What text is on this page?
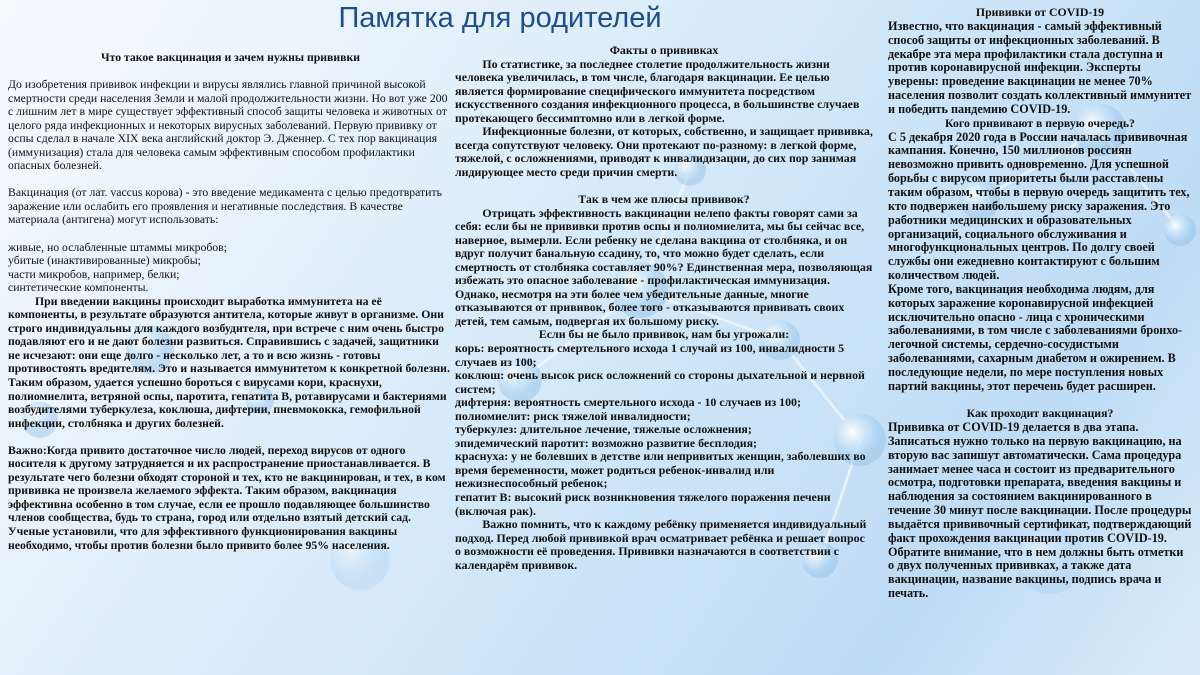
Памятка для родителей

Что такое вакцинация и зачем нужны прививки

До изобретения прививок инфекции и вирусы являлись главной причиной высокой смертности среди населения Земли и малой продолжительности жизни. Но вот уже 200 с лишним лет в мире существует эффективный способ защиты человека и животных от целого ряда инфекционных и некоторых вирусных заболеваний. Первую прививку от оспы сделал в начале XIX века английский доктор Э. Дженнер. С тех пор вакцинация (иммунизация) стала для человека самым эффективным способом профилактики опасных болезней.

Вакцинация (от лат. vaccus корова) - это введение медикамента с целью предотвратить заражение или ослабить его проявления и негативные последствия. В качестве материала (антигена) могут использовать:

живые, но ослабленные штаммы микробов;

убитые (инактивированные) микробы;

части микробов, например, белки;

синтетические компоненты.

При введении вакцины происходит выработка иммунитета на её компоненты, в результате образуются антитела, которые живут в организме. Они строго индивидуальны для каждого возбудителя, при встрече с ним очень быстро подавляют его и не дают болезни развиться. Справившись с задачей, защитники не исчезают: они еще долго - несколько лет, а то и всю жизнь - готовы противостоять вредителям. Это и называется иммунитетом к конкретной болезни. Таким образом, удается успешно бороться с вирусами кори, краснухи, полиомиелита, ветряной оспы, паротита, гепатита В, ротавирусами и бактериями возбудителями туберкулеза, коклюша, дифтерии, пневмококка, гемофильной инфекции, столбняка и других болезней.

Важно:Когда привито достаточное число людей, переход вирусов от одного носителя к другому затрудняется и их распространение приостанавливается. В результате чего болезни обходят стороной и тех, кто не вакцинирован, и тех, в ком прививка не произвела желаемого эффекта. Таким образом, вакцинация эффективна особенно в том случае, если ее прошло подавляющее большинство членов сообщества, будь то страна, город или отдельно взятый детский сад. Ученые установили, что для эффективного функционирования вакцины необходимо, чтобы против болезни было привито более 95% населения.

Факты о прививках

По статистике, за последнее столетие продолжительность жизни человека увеличилась, в том числе, благодаря вакцинации. Ее целью является формирование специфического иммунитета посредством искусственного создания инфекционного процесса, в большинстве случаев протекающего бессимптомно или в легкой форме.

Инфекционные болезни, от которых, собственно, и защищает прививка, всегда сопутствуют человеку. Они протекают по-разному: в легкой форме, тяжелой, с осложнениями, приводят к инвалидизации, до сих пор занимая лидирующее место среди причин смерти.

Так в чем же плюсы прививок?

Отрицать эффективность вакцинации нелепо факты говорят сами за себя: если бы не прививки против оспы и полиомиелита, мы бы сейчас все, наверное, вымерли. Если ребенку не сделана вакцина от столбняка, и он вдруг получит банальную ссадину, то, что можно будет сделать, если смертность от столбняка составляет 90%? Единственная мера, позволяющая избежать это опасное заболевание - профилактическая иммунизация. Однако, несмотря на эти более чем убедительные данные, многие отказываются от прививок, более того - отказываются прививать своих детей, тем самым, подвергая их большому риску.

Если бы не было прививок, нам бы угрожали:

корь: вероятность смертельного исхода 1 случай из 100, инвалидности 5 случаев из 100;

коклюш: очень высок риск осложнений со стороны дыхательной и нервной систем;

дифтерия: вероятность смертельного исхода - 10 случаев из 100;

полиомиелит: риск тяжелой инвалидности;

туберкулез: длительное лечение, тяжелые осложнения;

эпидемический паротит: возможно развитие бесплодия;

краснуха: у не болевших в детстве или непривитых женщин, заболевших во время беременности, может родиться ребенок-инвалид или нежизнеспособный ребенок;

гепатит В: высокий риск возникновения тяжелого поражения печени (включая рак).

Важно помнить, что к каждому ребёнку применяется индивидуальный подход. Перед любой прививкой врач осматривает ребёнка и решает вопрос о возможности её проведения. Прививки назначаются в соответствии с календарём прививок.

Прививки от COVID-19

Известно, что вакцинация - самый эффективный способ защиты от инфекционных заболеваний. В декабре эта мера профилактики стала доступна и против коронавирусной инфекции. Эксперты уверены: проведение вакцинации не менее 70% населения позволит создать коллективный иммунитет и победить пандемию COVID-19.

Кого прививают в первую очередь?

С 5 декабря 2020 года в России началась прививочная кампания. Конечно, 150 миллионов россиян невозможно привить одновременно. Для успешной борьбы с вирусом приоритеты были расставлены таким образом, чтобы в первую очередь защитить тех, кто подвержен наибольшему риску заражения. Это работники медицинских и образовательных организаций, социального обслуживания и многофункциональных центров. По долгу своей службы они ежедневно контактируют с большим количеством людей.

Кроме того, вакцинация необходима людям, для которых заражение коронавирусной инфекцией исключительно опасно - лица с хроническими заболеваниями, в том числе с заболеваниями бронхо-легочной системы, сердечно-сосудистыми заболеваниями, сахарным диабетом и ожирением. В последующие недели, по мере поступления новых партий вакцины, этот перечень будет расширен.

Как проходит вакцинация?

Прививка от COVID-19 делается в два этапа. Записаться нужно только на первую вакцинацию, на вторую вас запишут автоматически. Сама процедура занимает менее часа и состоит из предварительного осмотра, подготовки препарата, введения вакцины и наблюдения за состоянием вакцинированного в течение 30 минут после вакцинации. После процедуры выдаётся прививочный сертификат, подтверждающий факт прохождения вакцинации против COVID-19. Обратите внимание, что в нем должны быть отметки о двух полученных прививках, а также дата вакцинации, название вакцины, подпись врача и печать.
